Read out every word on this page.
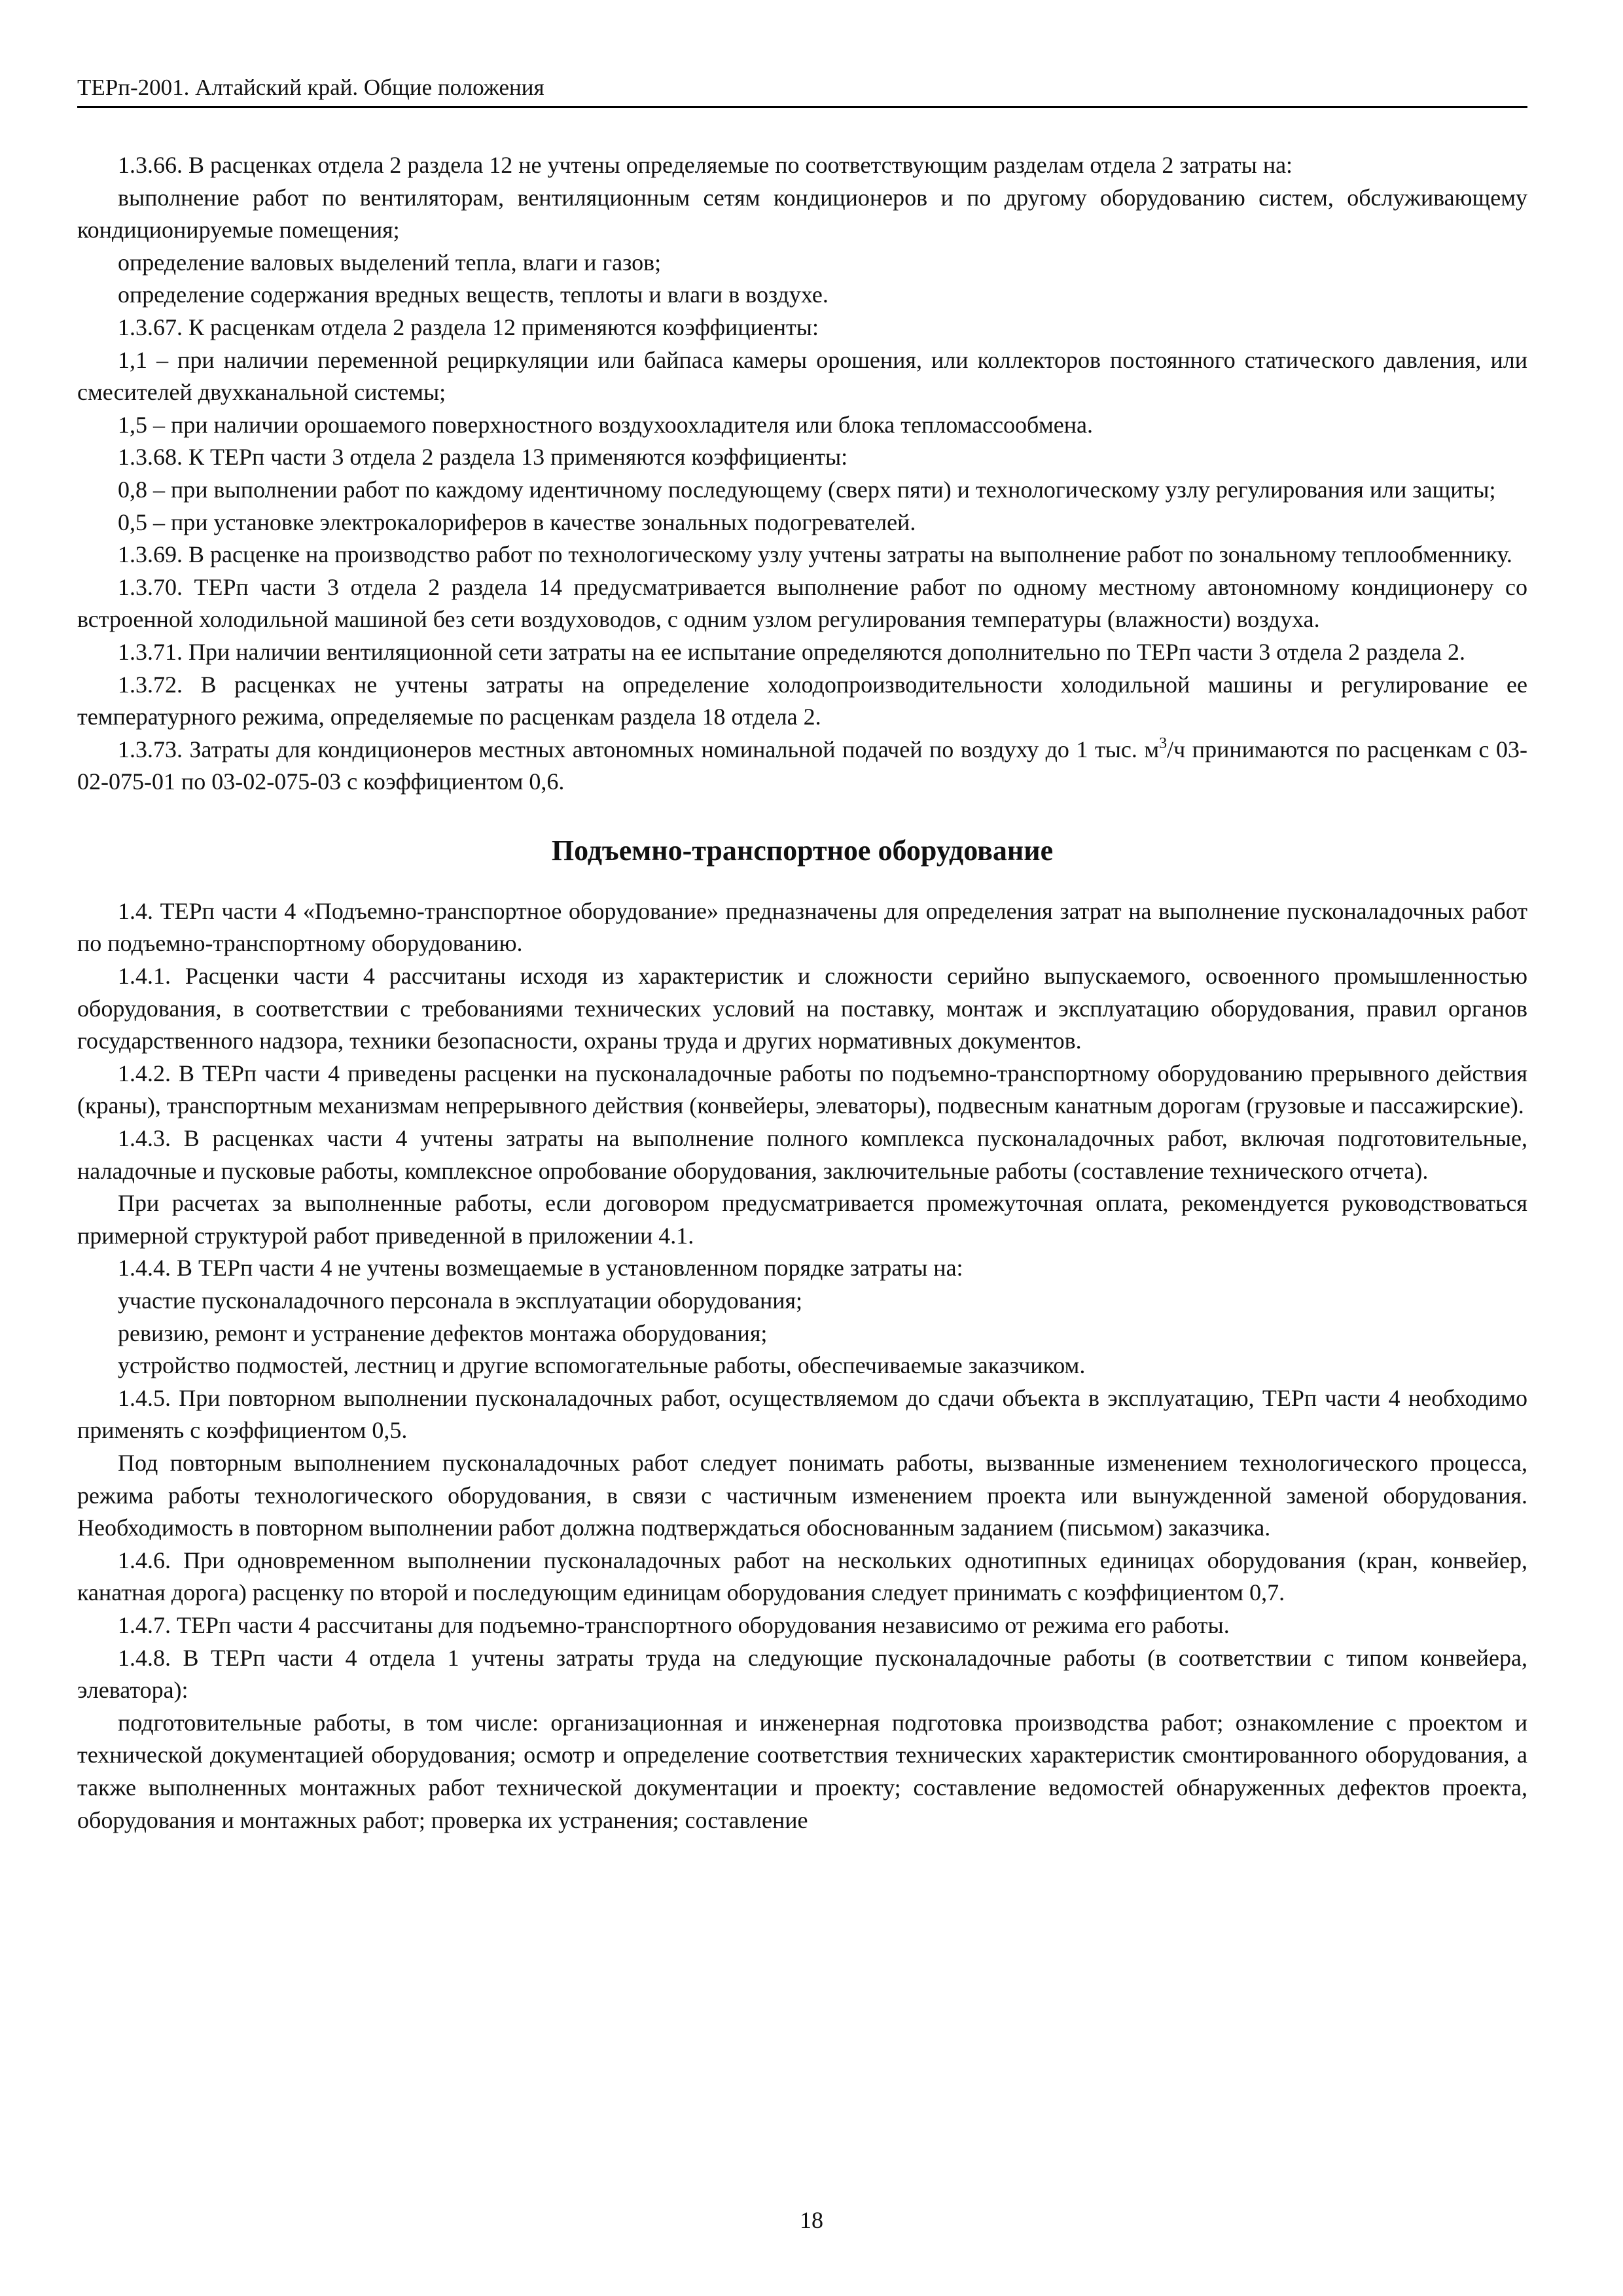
ТЕРп-2001. Алтайский край. Общие положения

1.3.66. В расценках отдела 2 раздела 12 не учтены определяемые по соответствующим разделам отдела 2 затраты на:

выполнение работ по вентиляторам, вентиляционным сетям кондиционеров и по другому оборудованию систем, обслуживающему кондиционируемые помещения;

определение валовых выделений тепла, влаги и газов;

определение содержания вредных веществ, теплоты и влаги в воздухе.

1.3.67. К расценкам отдела 2 раздела 12 применяются коэффициенты:

1,1 – при наличии переменной рециркуляции или байпаса камеры орошения, или коллекторов постоянного статического давления, или смесителей двухканальной системы;

1,5 – при наличии орошаемого поверхностного воздухоохладителя или блока тепломассообмена.

1.3.68. К ТЕРп части 3 отдела 2 раздела 13 применяются коэффициенты:

0,8 – при выполнении работ по каждому идентичному последующему (сверх пяти) и технологическому узлу регулирования или защиты;

0,5 – при установке электрокалориферов в качестве зональных подогревателей.

1.3.69. В расценке на производство работ по технологическому узлу учтены затраты на выполнение работ по зональному теплообменнику.

1.3.70. ТЕРп части 3 отдела 2 раздела 14 предусматривается выполнение работ по одному местному автономному кондиционеру со встроенной холодильной машиной без сети воздуховодов, с одним узлом регулирования температуры (влажности) воздуха.

1.3.71. При наличии вентиляционной сети затраты на ее испытание определяются дополнительно по ТЕРп части 3 отдела 2 раздела 2.

1.3.72. В расценках не учтены затраты на определение холодопроизводительности холодильной машины и регулирование ее температурного режима, определяемые по расценкам раздела 18 отдела 2.

1.3.73. Затраты для кондиционеров местных автономных номинальной подачей по воздуху до 1 тыс. $м^3/ч$ принимаются по расценкам с 03-02-075-01 по 03-02-075-03 с коэффициентом 0,6.

Подъемно-транспортное оборудование

1.4. ТЕРп части 4 «Подъемно-транспортное оборудование» предназначены для определения затрат на выполнение пусконаладочных работ по подъемно-транспортному оборудованию.

1.4.1. Расценки части 4 рассчитаны исходя из характеристик и сложности серийно выпускаемого, освоенного промышленностью оборудования, в соответствии с требованиями технических условий на поставку, монтаж и эксплуатацию оборудования, правил органов государственного надзора, техники безопасности, охраны труда и других нормативных документов.

1.4.2. В ТЕРп части 4 приведены расценки на пусконаладочные работы по подъемно-транспортному оборудованию прерывного действия (краны), транспортным механизмам непрерывного действия (конвейеры, элеваторы), подвесным канатным дорогам (грузовые и пассажирские).

1.4.3. В расценках части 4 учтены затраты на выполнение полного комплекса пусконаладочных работ, включая подготовительные, наладочные и пусковые работы, комплексное опробование оборудования, заключительные работы (составление технического отчета).

При расчетах за выполненные работы, если договором предусматривается промежуточная оплата, рекомендуется руководствоваться примерной структурой работ приведенной в приложении 4.1.

1.4.4. В ТЕРп части 4 не учтены возмещаемые в установленном порядке затраты на:

участие пусконаладочного персонала в эксплуатации оборудования;

ревизию, ремонт и устранение дефектов монтажа оборудования;

устройство подмостей, лестниц и другие вспомогательные работы, обеспечиваемые заказчиком.

1.4.5. При повторном выполнении пусконаладочных работ, осуществляемом до сдачи объекта в эксплуатацию, ТЕРп части 4 необходимо применять с коэффициентом 0,5.

Под повторным выполнением пусконаладочных работ следует понимать работы, вызванные изменением технологического процесса, режима работы технологического оборудования, в связи с частичным изменением проекта или вынужденной заменой оборудования. Необходимость в повторном выполнении работ должна подтверждаться обоснованным заданием (письмом) заказчика.

1.4.6. При одновременном выполнении пусконаладочных работ на нескольких однотипных единицах оборудования (кран, конвейер, канатная дорога) расценку по второй и последующим единицам оборудования следует принимать с коэффициентом 0,7.

1.4.7. ТЕРп части 4 рассчитаны для подъемно-транспортного оборудования независимо от режима его работы.

1.4.8. В ТЕРп части 4 отдела 1 учтены затраты труда на следующие пусконаладочные работы (в соответствии с типом конвейера, элеватора):

подготовительные работы, в том числе: организационная и инженерная подготовка производства работ; ознакомление с проектом и технической документацией оборудования; осмотр и определение соответствия технических характеристик смонтированного оборудования, а также выполненных монтажных работ технической документации и проекту; составление ведомостей обнаруженных дефектов проекта, оборудования и монтажных работ; проверка их устранения; составление

18
